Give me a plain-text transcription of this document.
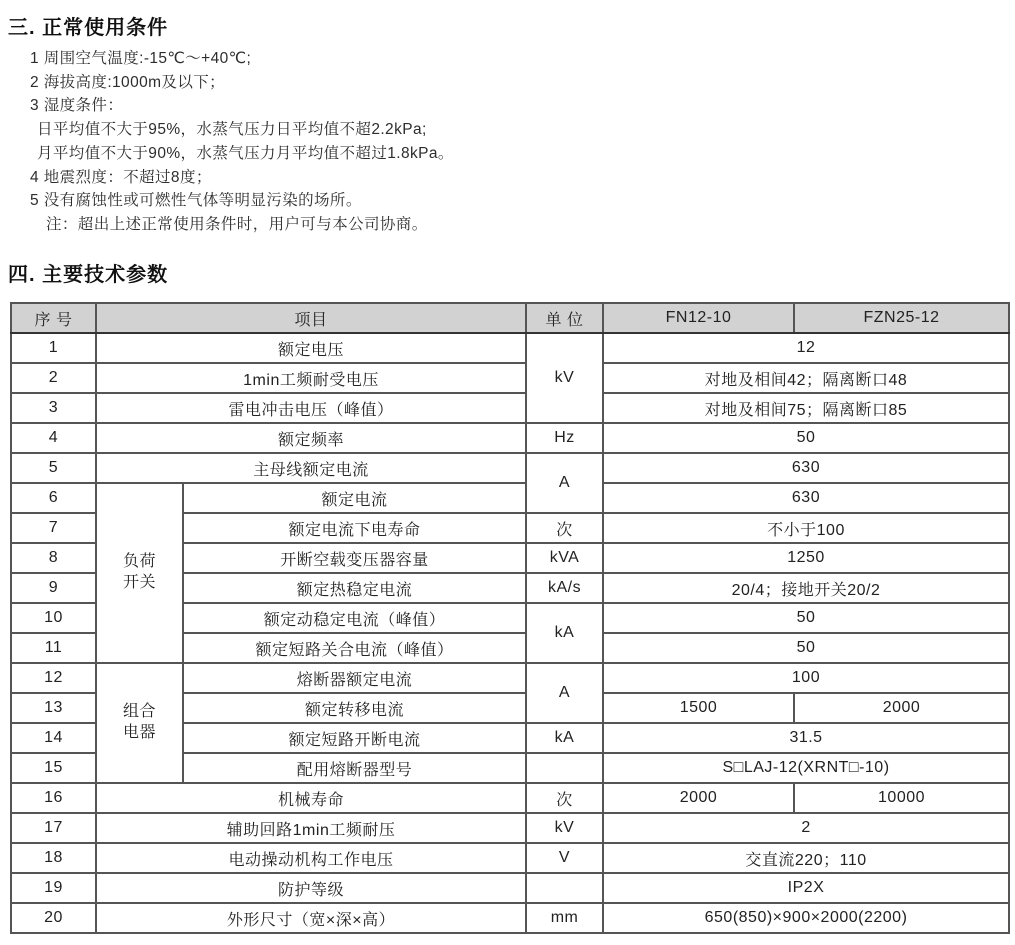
三. 正常使用条件
1 周围空气温度:-15℃～+40℃;
2 海拔高度:1000m及以下；
3 湿度条件：
日平均值不大于95%，水蒸气压力日平均值不超2.2kPa;
月平均值不大于90%，水蒸气压力月平均值不超过1.8kPa。
4 地震烈度：不超过8度；
5 没有腐蚀性或可燃性气体等明显污染的场所。
注：超出上述正常使用条件时，用户可与本公司协商。
四. 主要技术参数
序 号	项目		单 位	FN12-10	FZN25-12
1	额定电压		kV	12	
2	1min工频耐受电压			对地及相间42；隔离断口48	
3	雷电冲击电压（峰值）			对地及相间75；隔离断口85	
4	额定频率		Hz	50	
5	主母线额定电流		A	630	
6	负荷开关	额定电流		630	
7		额定电流下电寿命	次	不小于100	
8		开断空载变压器容量	kVA	1250	
9		额定热稳定电流	kA/s	20/4；接地开关20/2	
10		额定动稳定电流（峰值）	kA	50	
11		额定短路关合电流（峰值）		50	
12	组合电器	熔断器额定电流	A	100	
13		额定转移电流		1500	2000
14		额定短路开断电流	kA	31.5	
15		配用熔断器型号		S□LAJ-12(XRNT□-10)	
16	机械寿命		次	2000	10000
17	辅助回路1min工频耐压		kV	2	
18	电动操动机构工作电压		V	交直流220；110	
19	防护等级			IP2X	
20	外形尺寸（宽×深×高）		mm	650(850)×900×2000(2200)	
